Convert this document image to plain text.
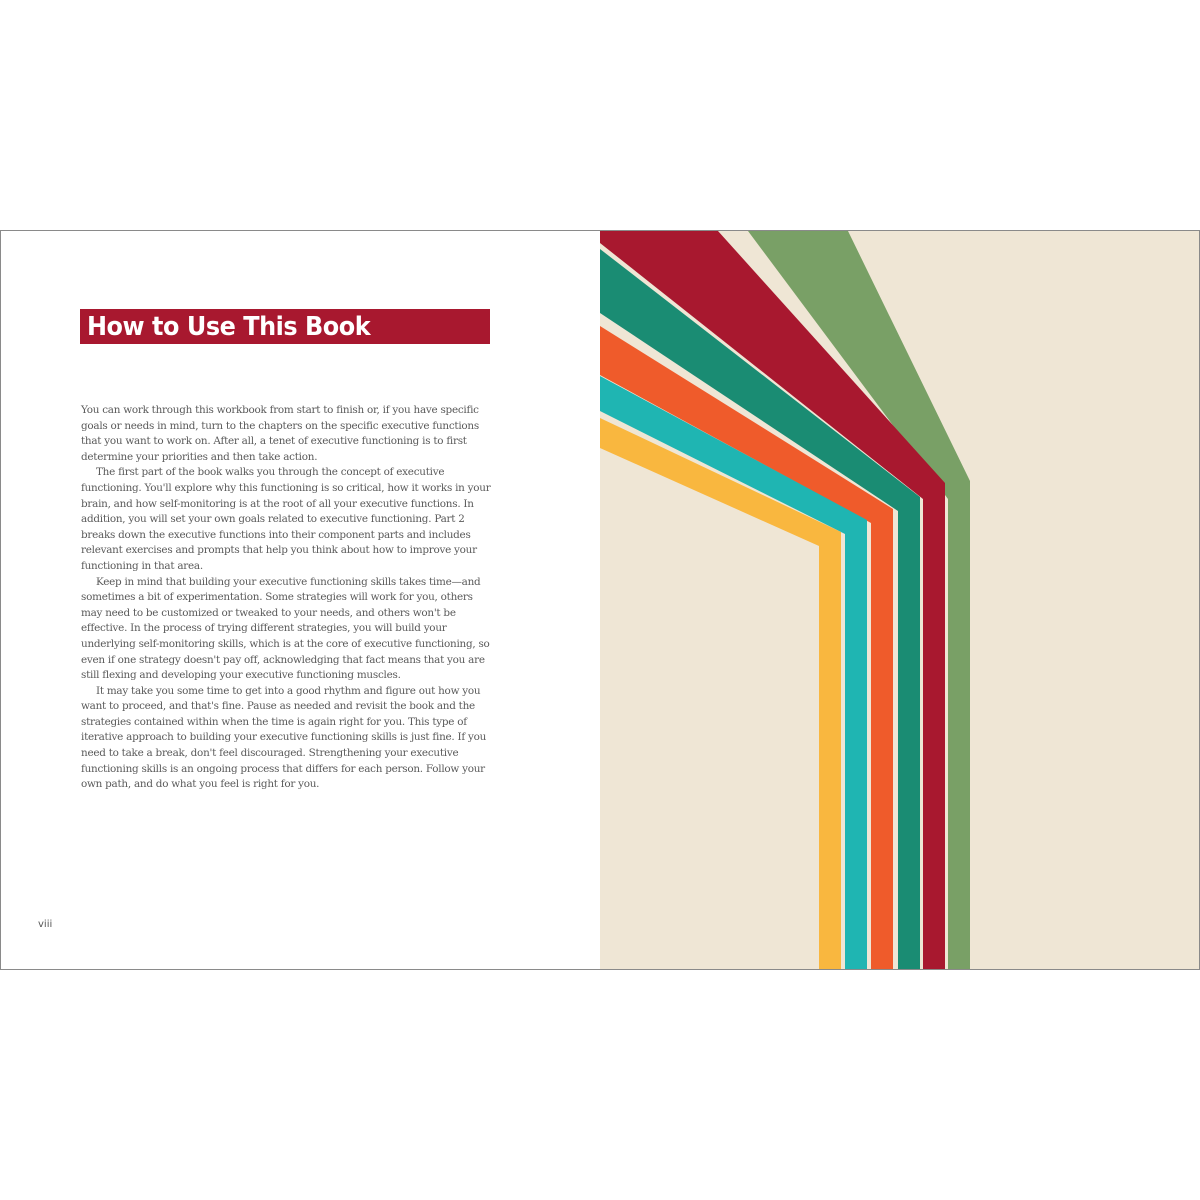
How to Use This Book

You can work through this workbook from start to finish or, if you have specific goals or needs in mind, turn to the chapters on the specific executive functions that you want to work on. After all, a tenet of executive functioning is to first determine your priorities and then take action.

The first part of the book walks you through the concept of executive functioning. You'll explore why this functioning is so critical, how it works in your brain, and how self-monitoring is at the root of all your executive functions. In addition, you will set your own goals related to executive functioning. Part 2 breaks down the executive functions into their component parts and includes relevant exercises and prompts that help you think about how to improve your functioning in that area.

Keep in mind that building your executive functioning skills takes time—and sometimes a bit of experimentation. Some strategies will work for you, others may need to be customized or tweaked to your needs, and others won't be effective. In the process of trying different strategies, you will build your underlying self-monitoring skills, which is at the core of executive functioning, so even if one strategy doesn't pay off, acknowledging that fact means that you are still flexing and developing your executive functioning muscles.

It may take you some time to get into a good rhythm and figure out how you want to proceed, and that's fine. Pause as needed and revisit the book and the strategies contained within when the time is again right for you. This type of iterative approach to building your executive functioning skills is just fine. If you need to take a break, don't feel discouraged. Strengthening your executive functioning skills is an ongoing process that differs for each person. Follow your own path, and do what you feel is right for you.

viii
